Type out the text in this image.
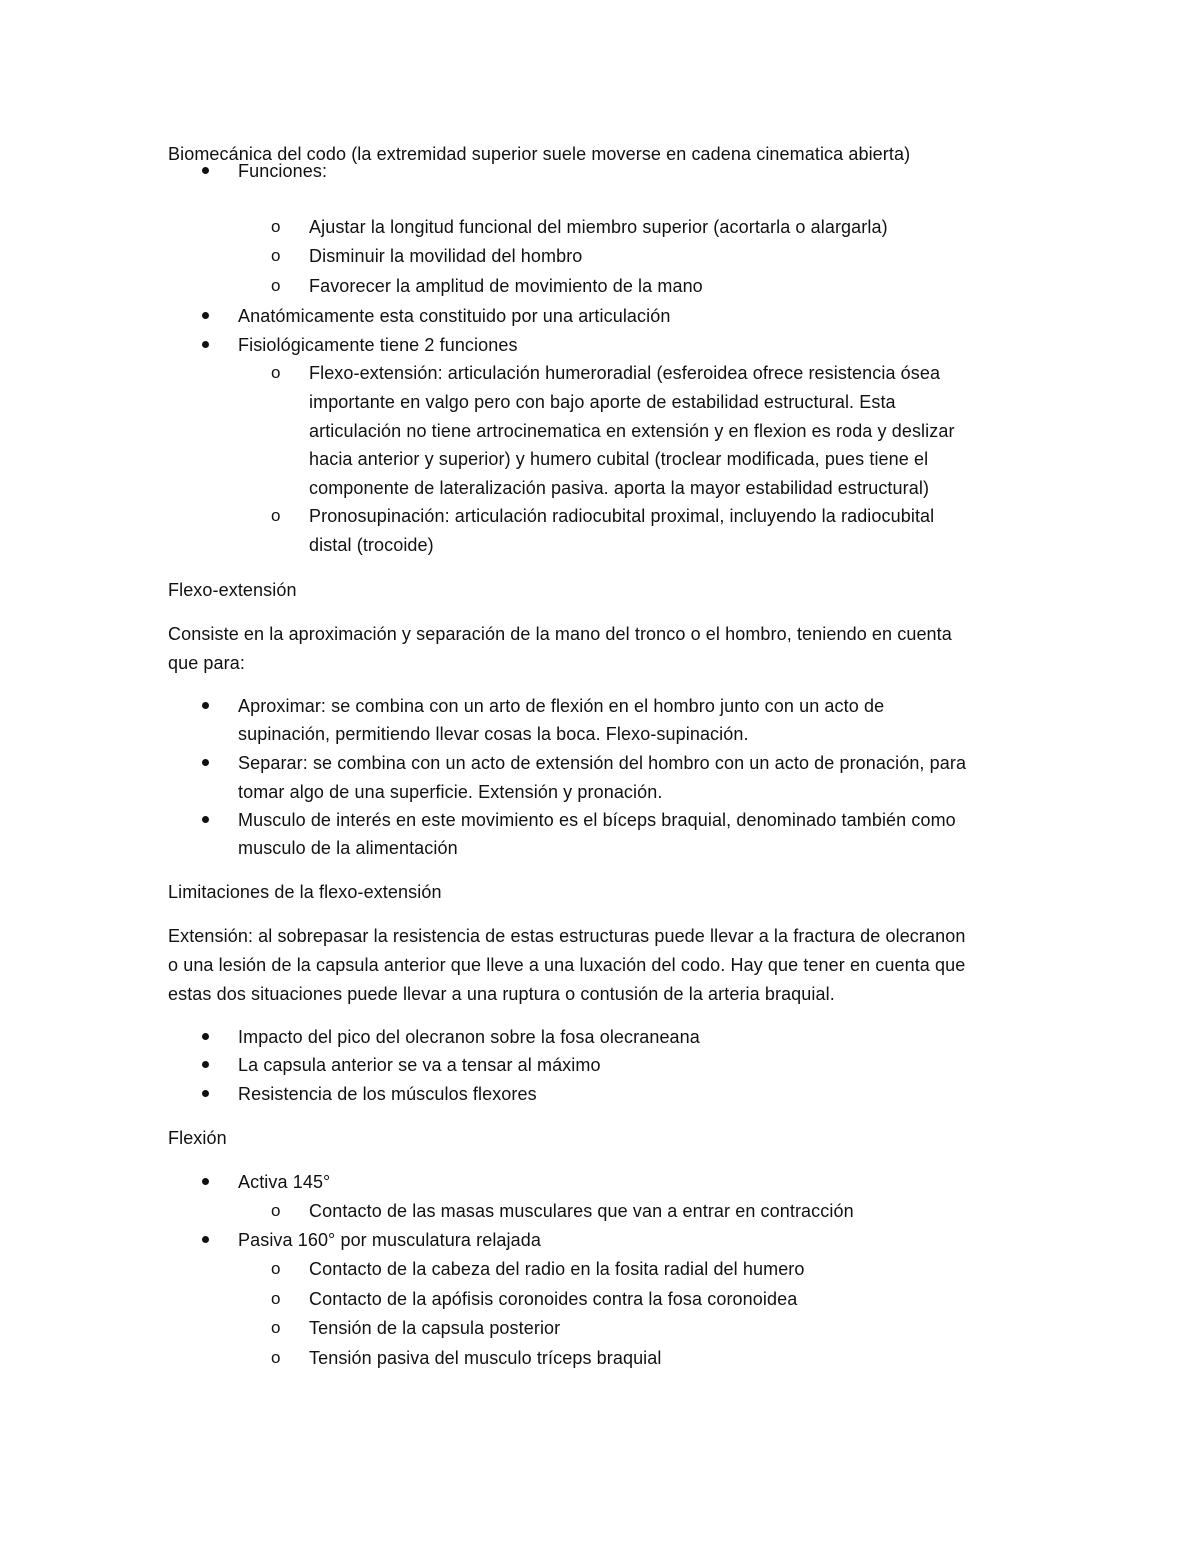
Biomecánica del codo (la extremidad superior suele moverse en cadena cinematica abierta)
Funciones:
o Ajustar la longitud funcional del miembro superior (acortarla o alargarla)
o Disminuir la movilidad del hombro
o Favorecer la amplitud de movimiento de la mano
Anatómicamente esta constituido por una articulación
Fisiológicamente tiene 2 funciones
o Flexo-extensión: articulación humeroradial (esferoidea ofrece resistencia ósea
importante en valgo pero con bajo aporte de estabilidad estructural. Esta
articulación no tiene artrocinematica en extensión y en flexion es roda y deslizar
hacia anterior y superior) y humero cubital (troclear modificada, pues tiene el
componente de lateralización pasiva. aporta la mayor estabilidad estructural)
o Pronosupinación: articulación radiocubital proximal, incluyendo la radiocubital
distal (trocoide)
Flexo-extensión
Consiste en la aproximación y separación de la mano del tronco o el hombro, teniendo en cuenta
que para:
Aproximar: se combina con un arto de flexión en el hombro junto con un acto de
supinación, permitiendo llevar cosas la boca. Flexo-supinación.
Separar: se combina con un acto de extensión del hombro con un acto de pronación, para
tomar algo de una superficie. Extensión y pronación.
Musculo de interés en este movimiento es el bíceps braquial, denominado también como
musculo de la alimentación
Limitaciones de la flexo-extensión
Extensión: al sobrepasar la resistencia de estas estructuras puede llevar a la fractura de olecranon
o una lesión de la capsula anterior que lleve a una luxación del codo. Hay que tener en cuenta que
estas dos situaciones puede llevar a una ruptura o contusión de la arteria braquial.
Impacto del pico del olecranon sobre la fosa olecraneana
La capsula anterior se va a tensar al máximo
Resistencia de los músculos flexores
Flexión
Activa 145°
o Contacto de las masas musculares que van a entrar en contracción
Pasiva 160° por musculatura relajada
o Contacto de la cabeza del radio en la fosita radial del humero
o Contacto de la apófisis coronoides contra la fosa coronoidea
o Tensión de la capsula posterior
o Tensión pasiva del musculo tríceps braquial
